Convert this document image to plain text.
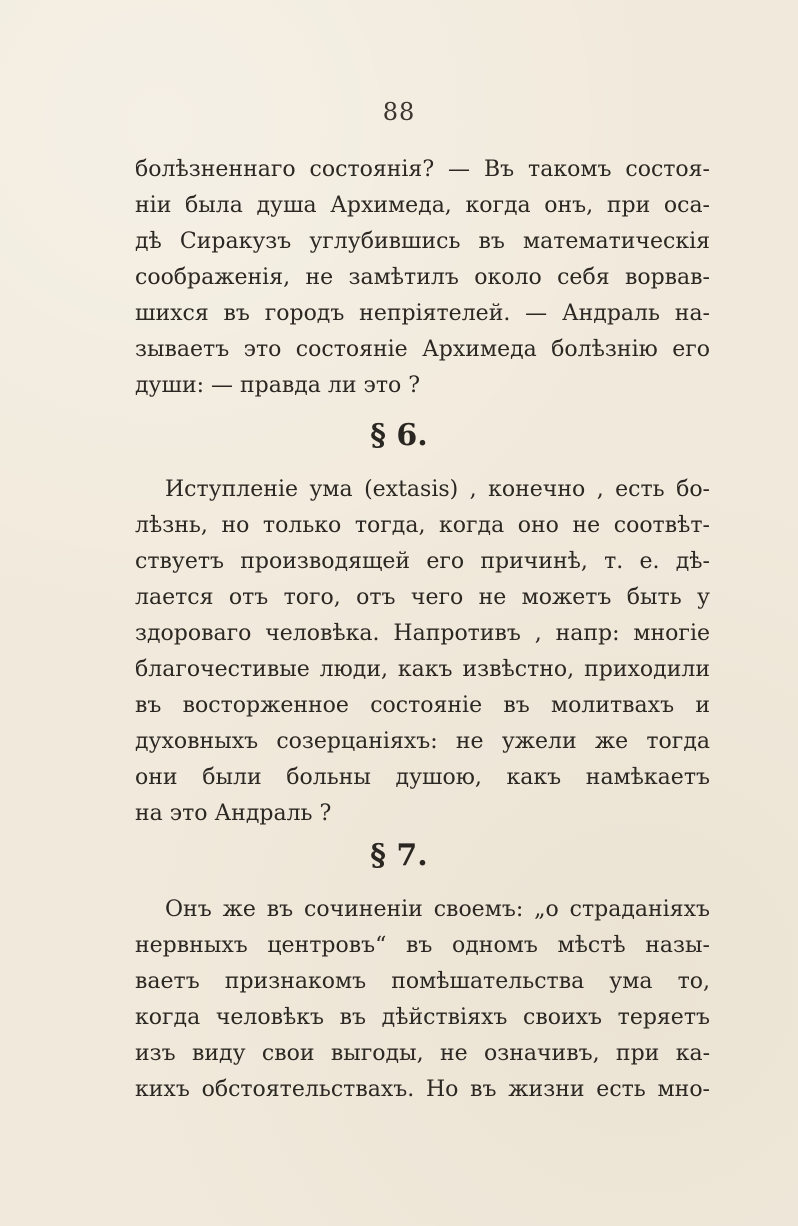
88
болѣзненнаго состоянія? — Въ такомъ состоя-
ніи была душа Архимеда, когда онъ, при оса-
дѣ Сиракузъ углубившись въ математическія
соображенія, не замѣтилъ около себя ворвав-
шихся въ городъ непріятелей. — Андраль на-
зываетъ это состояніе Архимеда болѣзнію его
души: — правда ли это ?
§ 6.
Иступленіе ума (extasis) , конечно , есть бо-
лѣзнь, но только тогда, когда оно не соотвѣт-
ствуетъ производящей его причинѣ, т. е. дѣ-
лается отъ того, отъ чего не можетъ быть у
здороваго человѣка. Напротивъ , напр: многіе
благочестивые люди, какъ извѣстно, приходили
въ восторженное состояніе въ молитвахъ и
духовныхъ созерцаніяхъ: не ужели же тогда
они были больны душою, какъ намѣкаетъ
на это Андраль ?
§ 7.
Онъ же въ сочиненіи своемъ: „о страданіяхъ
нервныхъ центровъ“ въ одномъ мѣстѣ назы-
ваетъ признакомъ помѣшательства ума то,
когда человѣкъ въ дѣйствіяхъ своихъ теряетъ
изъ виду свои выгоды, не означивъ, при ка-
кихъ обстоятельствахъ. Но въ жизни есть мно-
